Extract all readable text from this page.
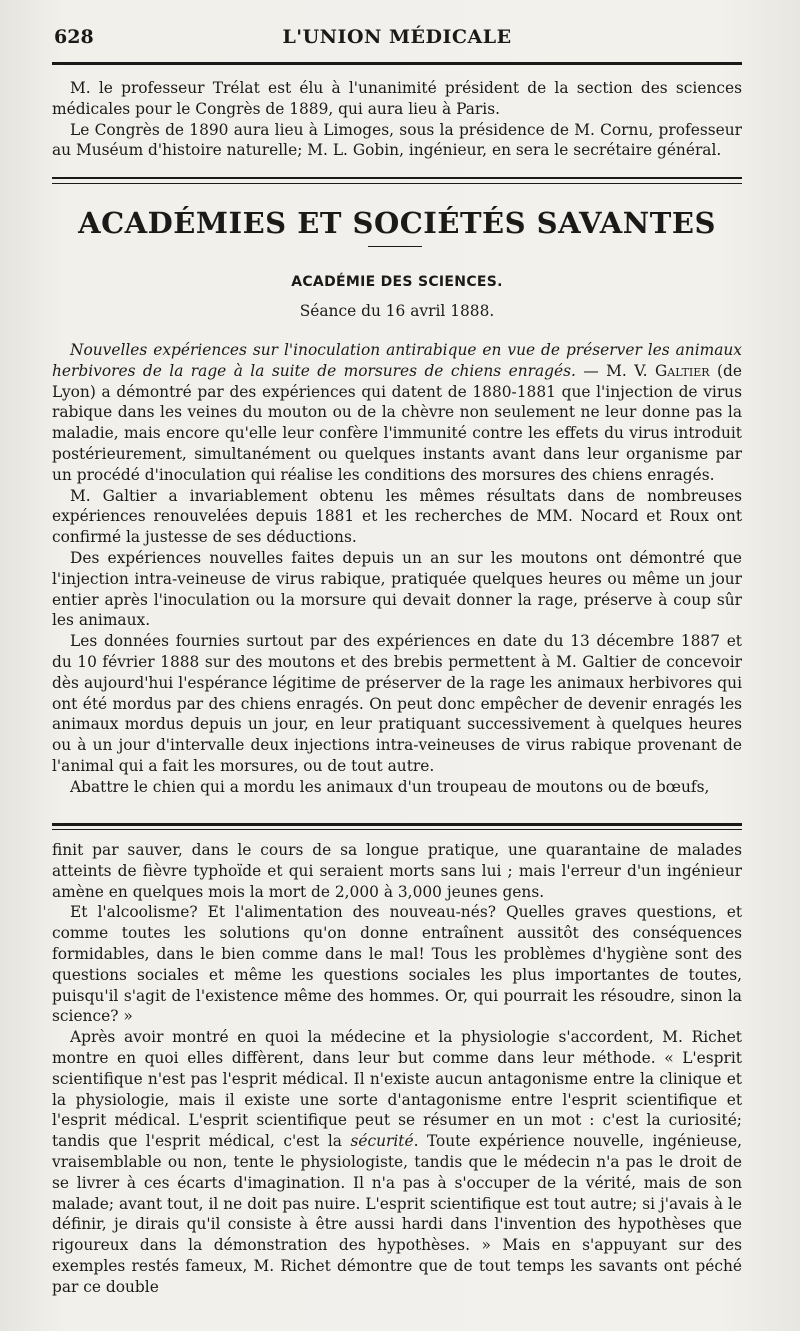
628	L'UNION MÉDICALE

M. le professeur Trélat est élu à l'unanimité président de la section des sciences médicales pour le Congrès de 1889, qui aura lieu à Paris.

Le Congrès de 1890 aura lieu à Limoges, sous la présidence de M. Cornu, professeur au Muséum d'histoire naturelle; M. L. Gobin, ingénieur, en sera le secrétaire général.

ACADÉMIES ET SOCIÉTÉS SAVANTES
ACADÉMIE DES SCIENCES.
Séance du 16 avril 1888.

Nouvelles expériences sur l'inoculation antirabique en vue de préserver les animaux herbivores de la rage à la suite de morsures de chiens enragés. — M. V. Galtier (de Lyon) a démontré par des expériences qui datent de 1880-1881 que l'injection de virus rabique dans les veines du mouton ou de la chèvre non seulement ne leur donne pas la maladie, mais encore qu'elle leur confère l'immunité contre les effets du virus introduit postérieurement, simultanément ou quelques instants avant dans leur organisme par un procédé d'inoculation qui réalise les conditions des morsures des chiens enragés.

M. Galtier a invariablement obtenu les mêmes résultats dans de nombreuses expériences renouvelées depuis 1881 et les recherches de MM. Nocard et Roux ont confirmé la justesse de ses déductions.

Des expériences nouvelles faites depuis un an sur les moutons ont démontré que l'injection intra-veineuse de virus rabique, pratiquée quelques heures ou même un jour entier après l'inoculation ou la morsure qui devait donner la rage, préserve à coup sûr les animaux.

Les données fournies surtout par des expériences en date du 13 décembre 1887 et du 10 février 1888 sur des moutons et des brebis permettent à M. Galtier de concevoir dès aujourd'hui l'espérance légitime de préserver de la rage les animaux herbivores qui ont été mordus par des chiens enragés. On peut donc empêcher de devenir enragés les animaux mordus depuis un jour, en leur pratiquant successivement à quelques heures ou à un jour d'intervalle deux injections intra-veineuses de virus rabique provenant de l'animal qui a fait les morsures, ou de tout autre.

Abattre le chien qui a mordu les animaux d'un troupeau de moutons ou de bœufs,

finit par sauver, dans le cours de sa longue pratique, une quarantaine de malades atteints de fièvre typhoïde et qui seraient morts sans lui ; mais l'erreur d'un ingénieur amène en quelques mois la mort de 2,000 à 3,000 jeunes gens.

Et l'alcoolisme? Et l'alimentation des nouveau-nés? Quelles graves questions, et comme toutes les solutions qu'on donne entraînent aussitôt des conséquences formidables, dans le bien comme dans le mal! Tous les problèmes d'hygiène sont des questions sociales et même les questions sociales les plus importantes de toutes, puisqu'il s'agit de l'existence même des hommes. Or, qui pourrait les résoudre, sinon la science? »

Après avoir montré en quoi la médecine et la physiologie s'accordent, M. Richet montre en quoi elles diffèrent, dans leur but comme dans leur méthode. « L'esprit scientifique n'est pas l'esprit médical. Il n'existe aucun antagonisme entre la clinique et la physiologie, mais il existe une sorte d'antagonisme entre l'esprit scientifique et l'esprit médical. L'esprit scientifique peut se résumer en un mot : c'est la curiosité; tandis que l'esprit médical, c'est la sécurité. Toute expérience nouvelle, ingénieuse, vraisemblable ou non, tente le physiologiste, tandis que le médecin n'a pas le droit de se livrer à ces écarts d'imagination. Il n'a pas à s'occuper de la vérité, mais de son malade; avant tout, il ne doit pas nuire. L'esprit scientifique est tout autre; si j'avais à le définir, je dirais qu'il consiste à être aussi hardi dans l'invention des hypothèses que rigoureux dans la démonstration des hypothèses. » Mais en s'appuyant sur des exemples restés fameux, M. Richet démontre que de tout temps les savants ont péché par ce double
